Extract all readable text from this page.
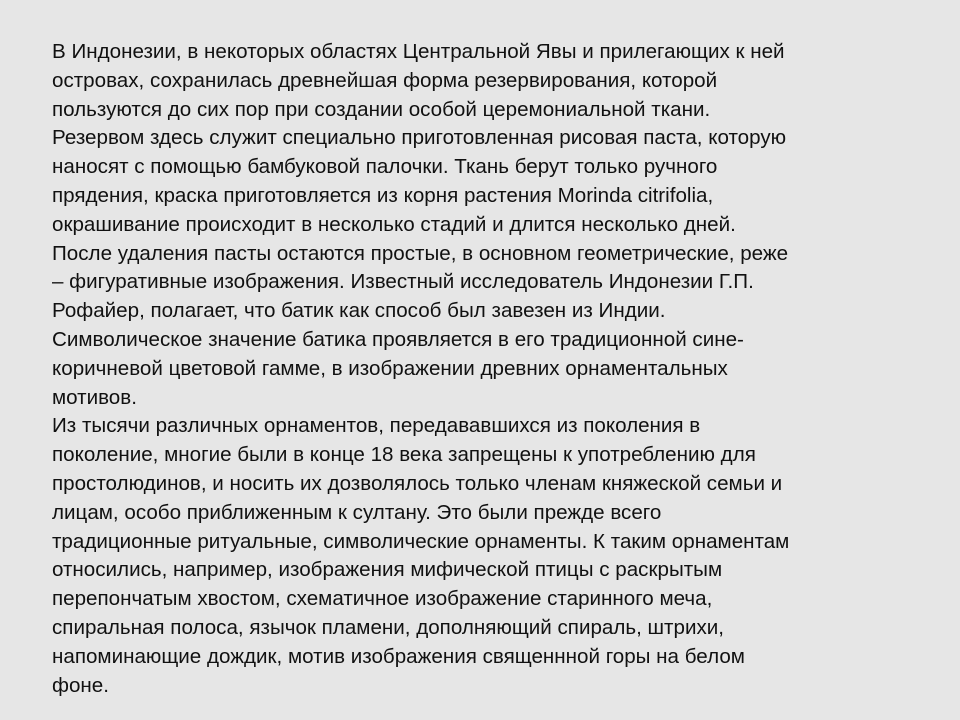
В Индонезии, в некоторых областях Центральной Явы и прилегающих к ней
островах, сохранилась древнейшая форма резервирования, которой
пользуются до сих пор при создании особой церемониальной ткани.
Резервом здесь служит специально приготовленная рисовая паста, которую
наносят с помощью бамбуковой палочки. Ткань берут только ручного
прядения, краска приготовляется из корня растения Morinda citrifolia,
окрашивание происходит в несколько стадий и длится несколько дней.
После удаления пасты остаются простые, в основном геометрические, реже
– фигуративные изображения. Известный исследователь Индонезии Г.П.
Рофайер, полагает, что батик как способ был завезен из Индии.
Символическое значение батика проявляется в его традиционной сине-
коричневой цветовой гамме, в изображении древних орнаментальных
мотивов.
Из тысячи различных орнаментов, передававшихся из поколения в
поколение, многие были в конце 18 века запрещены к употреблению для
простолюдинов, и носить их дозволялось только членам княжеской семьи и
лицам, особо приближенным к султану. Это были прежде всего
традиционные ритуальные, символические орнаменты. К таким орнаментам
относились, например, изображения мифической птицы с раскрытым
перепончатым хвостом, схематичное изображение старинного меча,
спиральная полоса, язычок пламени, дополняющий спираль, штрихи,
напоминающие дождик, мотив изображения священнной горы на белом
фоне.
